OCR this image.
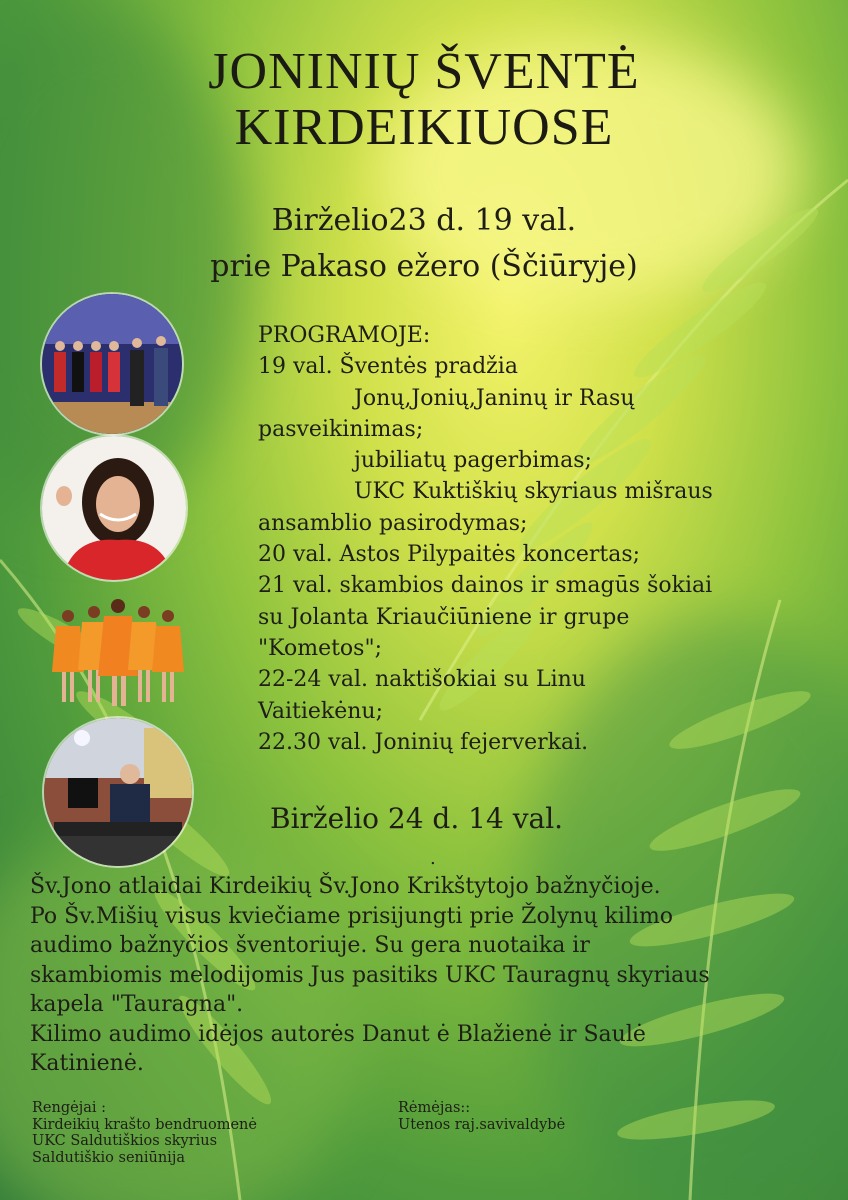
JONINIŲ ŠVENTĖ
KIRDEIKIUOSE
Birželio23 d. 19 val.
prie Pakaso ežero (Ščiūryje)
PROGRAMOJE:
19 val. Šventės pradžia
Jonų,Jonių,Janinų ir Rasų
pasveikinimas;
jubiliatų pagerbimas;
UKC Kuktiškių skyriaus mišraus
ansamblio pasirodymas;
20 val. Astos Pilypaitės koncertas;
21 val. skambios dainos ir smagūs šokiai
su Jolanta Kriaučiūniene ir grupe
"Kometos";
22-24 val. naktišokiai su Linu
Vaitiekėnu;
22.30 val. Joninių fejerverkai.
Birželio 24 d. 14 val.
.
Šv.Jono atlaidai Kirdeikių Šv.Jono Krikštytojo bažnyčioje.
Po Šv.Mišių visus kviečiame prisijungti prie Žolynų kilimo
audimo bažnyčios šventoriuje. Su gera nuotaika ir
skambiomis melodijomis Jus pasitiks UKC Tauragnų skyriaus
kapela "Tauragna".
Kilimo audimo idėjos autorės Danut ė Blažienė ir Saulė
Katinienė.
Rengėjai :
Kirdeikių krašto bendruomenė
UKC Saldutiškios skyrius
Saldutiškio seniūnija
Rėmėjas::
Utenos raj.savivaldybė
